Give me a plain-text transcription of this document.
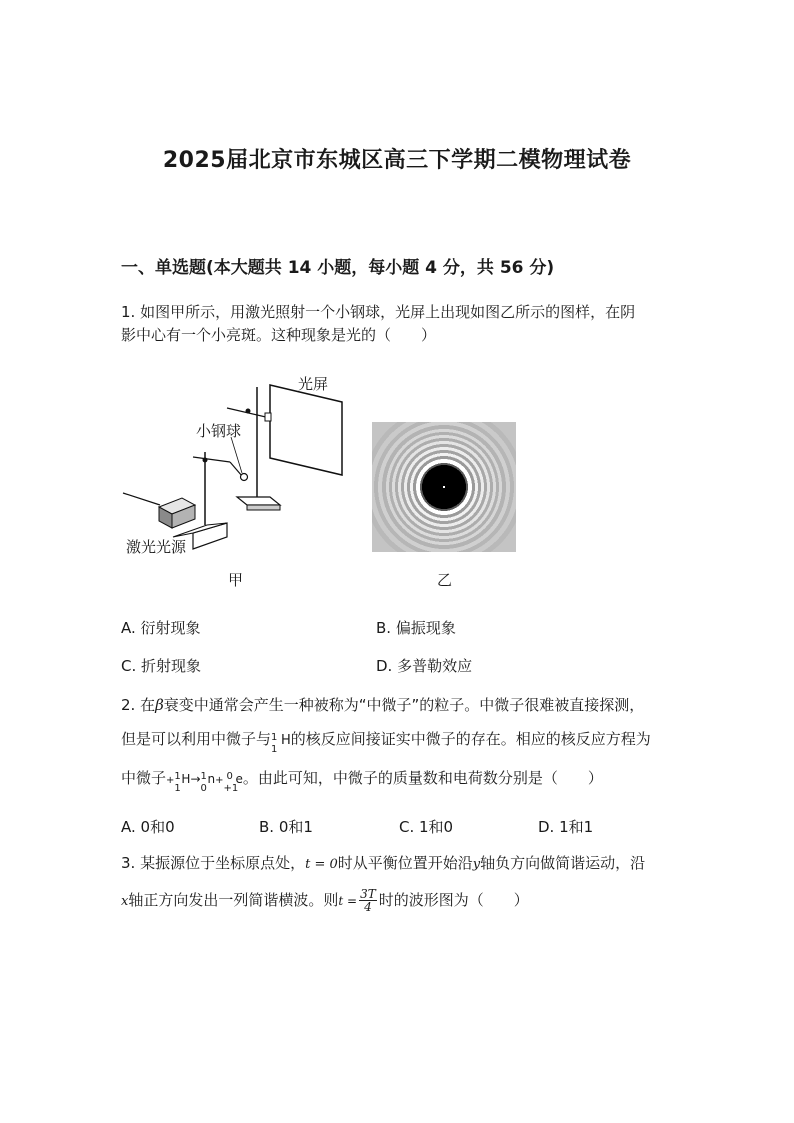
2025届北京市东城区高三下学期二模物理试卷
一、单选题(本大题共 14 小题，每小题 4 分，共 56 分)
1. 如图甲所示，用激光照射一个小钢球，光屏上出现如图乙所示的图样，在阴
影中心有一个小亮斑。这种现象是光的（　　）
光屏
小钢球
激光光源
甲	乙
A. 衍射现象	B. 偏振现象
C. 折射现象	D. 多普勒效应
2. 在β衰变中通常会产生一种被称为“中微子”的粒子。中微子很难被直接探测，
但是可以利用中微子与 1
1
H的核反应间接证实中微子的存在。相应的核反应方程为
中微子+ 1
1
H→ 1
0
n+ 0
+1
e。由此可知，中微子的质量数和电荷数分别是（　　）
A. 0和0	B. 0和1	C. 1和0	D. 1和1
3. 某振源位于坐标原点处，t = 0时从平衡位置开始沿y轴负方向做简谐运动，沿
x轴正方向发出一列简谐横波。则$t = \frac{3T}{4}$ 时的波形图为（　　）
